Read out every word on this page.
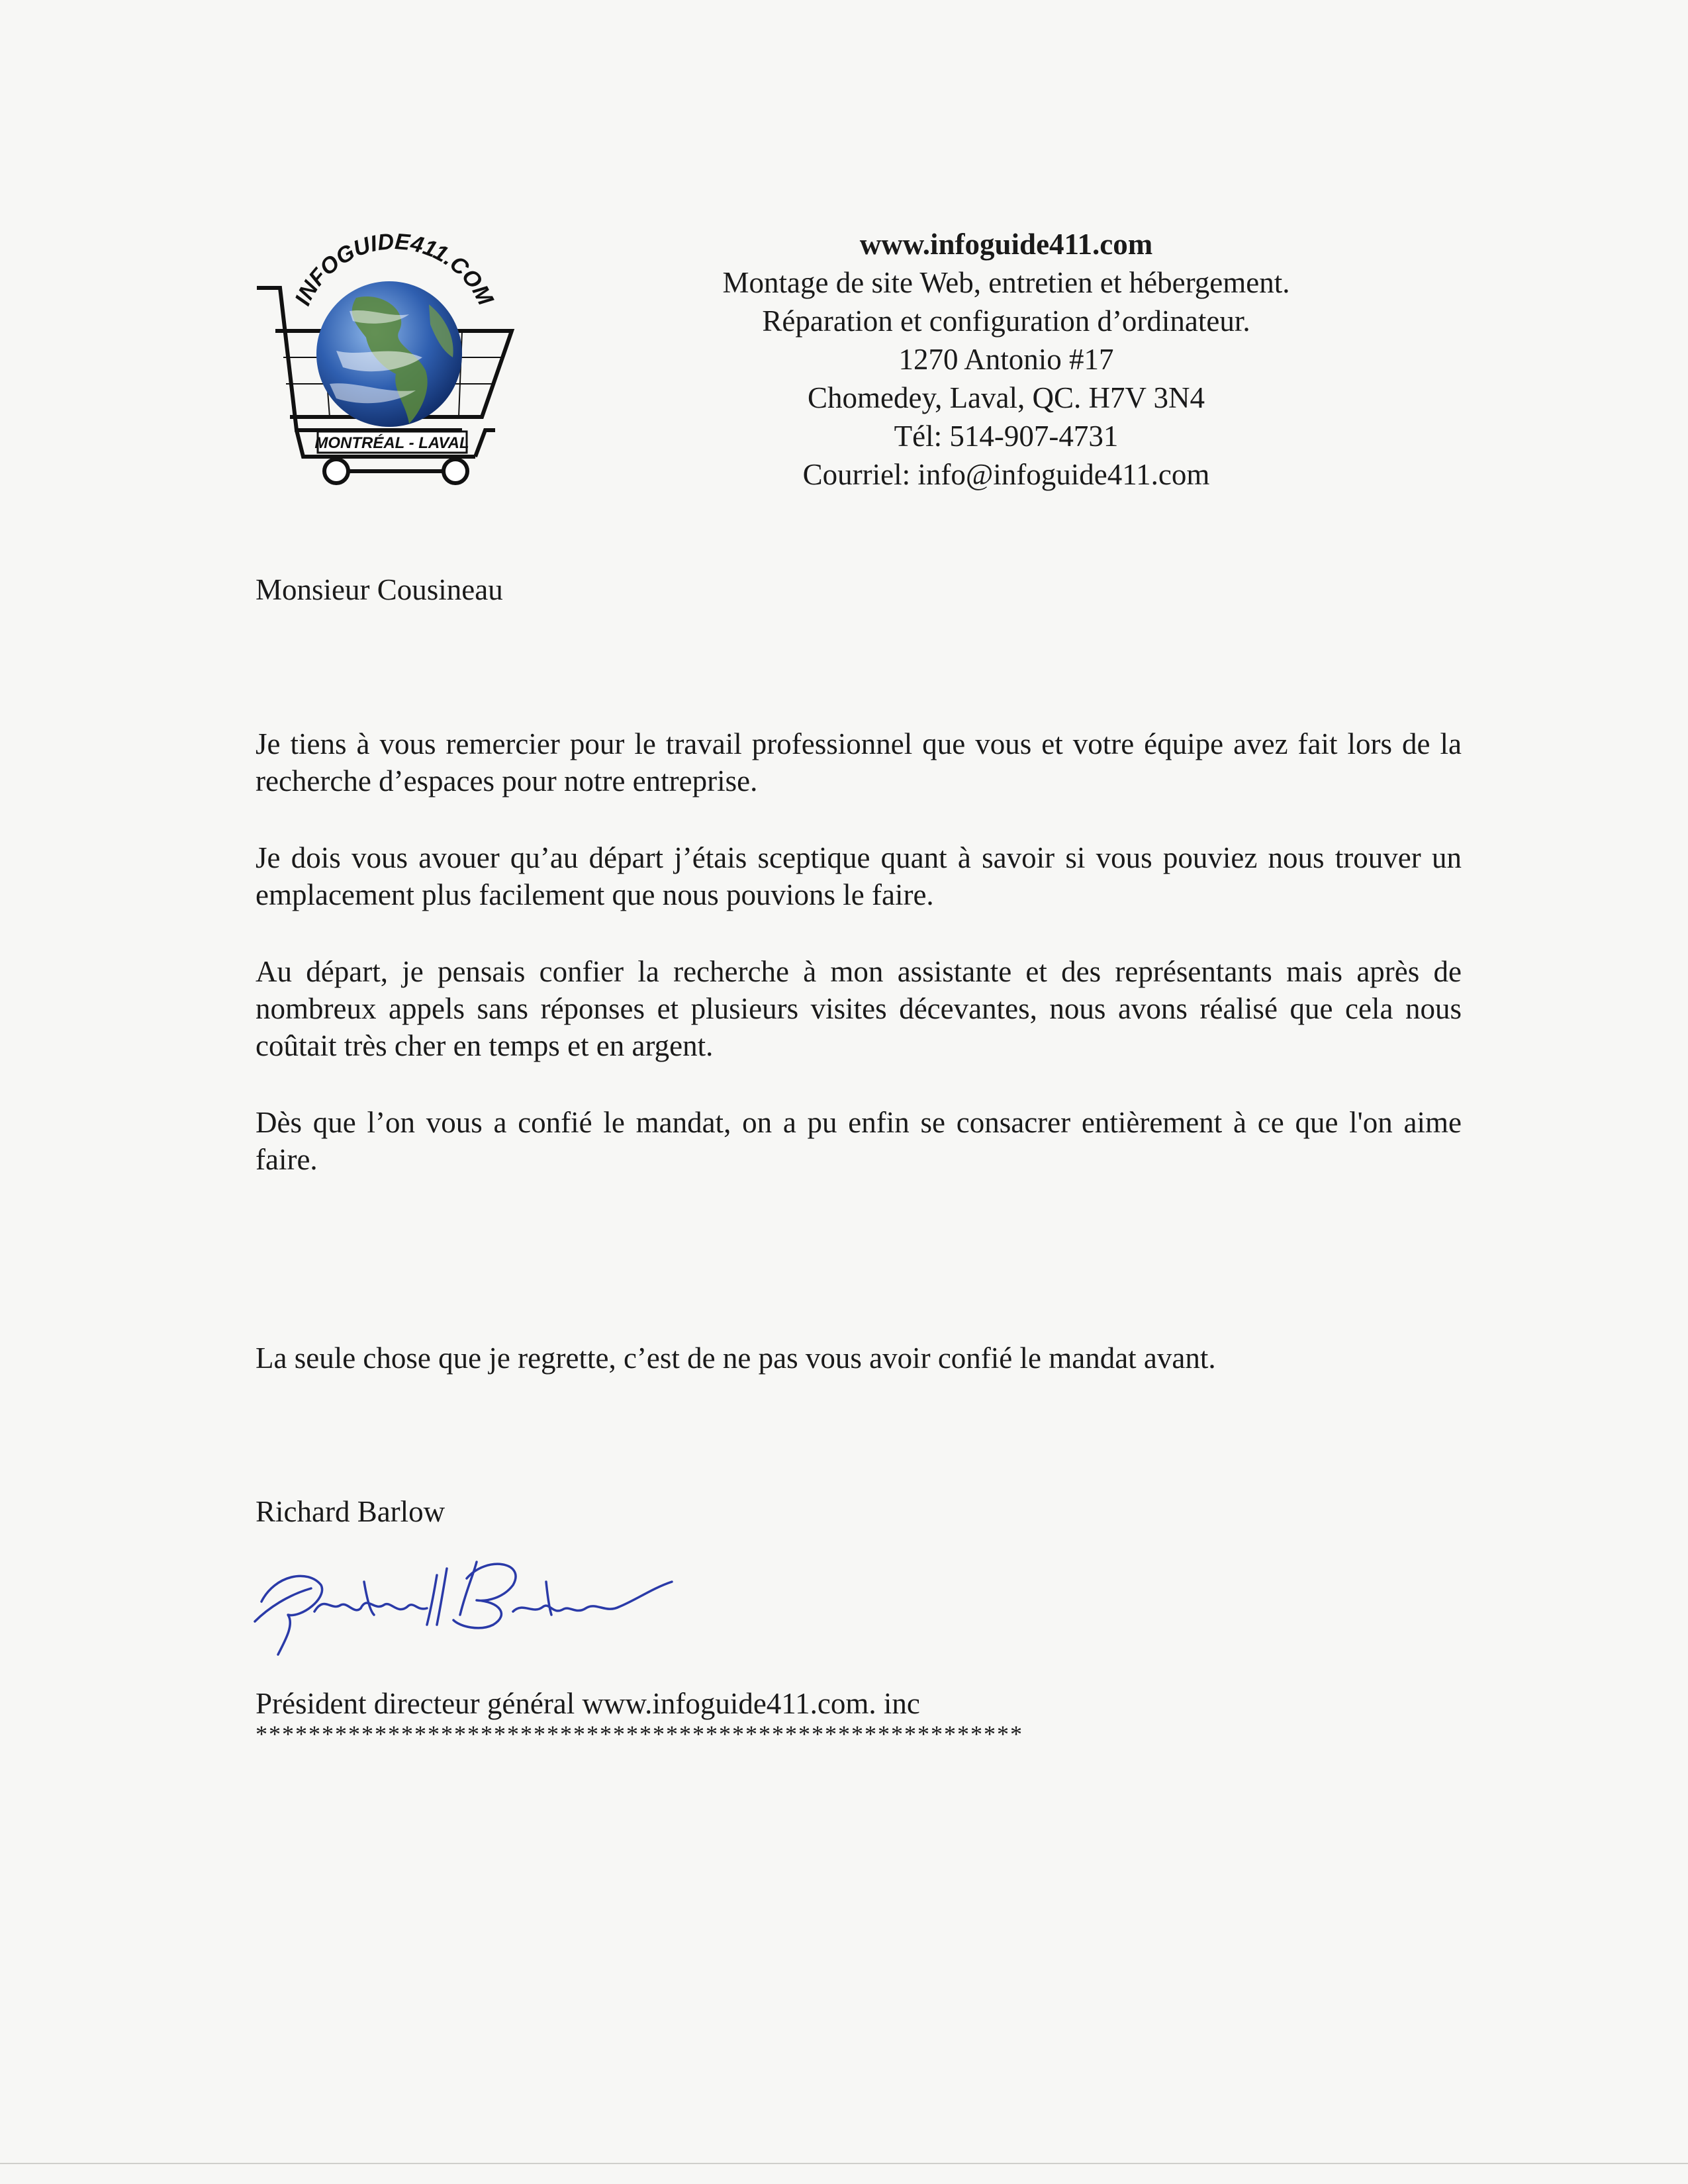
INFOGUIDE411.COM
MONTRÉAL - LAVAL
www.infoguide411.com
Montage de site Web, entretien et hébergement.
Réparation et configuration d’ordinateur.
1270 Antonio #17
Chomedey, Laval, QC. H7V 3N4
Tél: 514-907-4731
Courriel: info@infoguide411.com
Monsieur Cousineau

Je tiens à vous remercier pour le travail professionnel que vous et votre équipe avez fait lors de la recherche d’espaces pour notre entreprise.

Je dois vous avouer qu’au départ j’étais sceptique quant à savoir si vous pouviez nous trouver un emplacement plus facilement que nous pouvions le faire.

Au départ, je pensais confier la recherche à mon assistante et des représentants mais après de nombreux appels sans réponses et plusieurs visites décevantes, nous avons réalisé que cela nous coûtait très cher en temps et en argent.

Dès que l’on vous a confié le mandat, on a pu enfin se consacrer entièrement à ce que l'on aime faire.

La seule chose que je regrette, c’est de ne pas vous avoir confié le mandat avant.
Richard Barlow
Président directeur général www.infoguide411.com. inc
**********************************************************
